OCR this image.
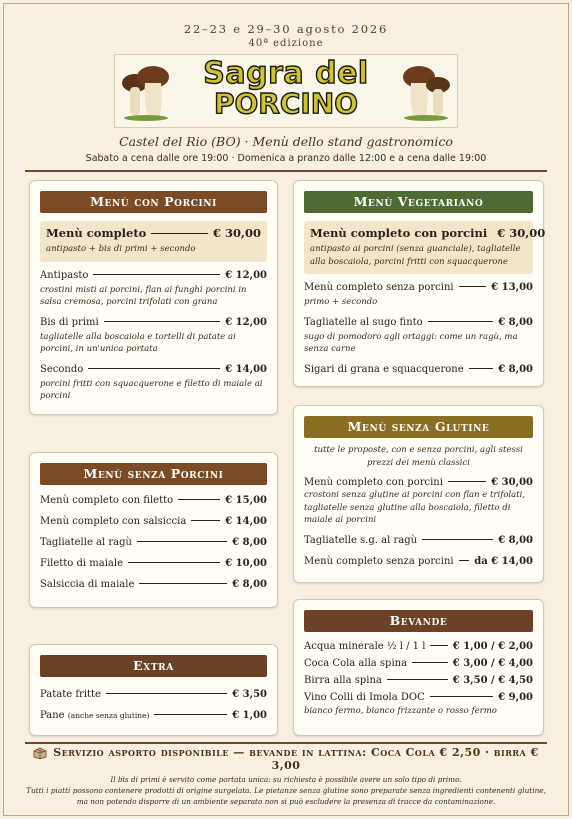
22–23 e 29–30 agosto 2026
40ª edizione
Sagra del
PORCINO
Castel del Rio (BO) · Menù dello stand gastronomico
Sabato a cena dalle ore 19:00 · Domenica a pranzo dalle 12:00 e a cena dalle 19:00
Menù con Porcini
Menù completo	€ 30,00
antipasto + bis di primi + secondo
Antipasto	€ 12,00
crostini misti ai porcini, flan ai funghi porcini in salsa cremosa, porcini trifolati con grana
Bis di primi	€ 12,00
tagliatelle alla boscaiola e tortelli di patate ai porcini, in un'unica portata
Secondo	€ 14,00
porcini fritti con squacquerone e filetto di maiale ai porcini
Menù senza Porcini
Menù completo con filetto	€ 15,00
Menù completo con salsiccia	€ 14,00
Tagliatelle al ragù	€ 8,00
Filetto di maiale	€ 10,00
Salsiccia di maiale	€ 8,00
Extra
Patate fritte	€ 3,50
Pane (anche senza glutine)	€ 1,00
Menù Vegetariano
Menù completo con porcini € 30,00
antipasto ai porcini (senza guanciale), tagliatelle alla boscaiola, porcini fritti con squacquerone
Menù completo senza porcini	€ 13,00
primo + secondo
Tagliatelle al sugo finto	€ 8,00
sugo di pomodoro agli ortaggi: come un ragù, ma senza carne
Sigari di grana e squacquerone	€ 8,00
Menù senza Glutine
tutte le proposte, con e senza porcini, agli stessi prezzi dei menù classici
Menù completo con porcini	€ 30,00
crostoni senza glutine ai porcini con flan e trifolati, tagliatelle senza glutine alla boscaiola, filetto di maiale ai porcini
Tagliatelle s.g. al ragù	€ 8,00
Menù completo senza porcini da € 14,00
Bevande
Acqua minerale ½ l / 1 l	€ 1,00 / € 2,00
Coca Cola alla spina	€ 3,00 / € 4,00
Birra alla spina	€ 3,50 / € 4,50
Vino Colli di Imola DOC	€ 9,00
bianco fermo, bianco frizzante o rosso fermo
Servizio asporto disponibile — bevande in lattina: Coca Cola € 2,50 · birra € 3,00
Il bis di primi è servito come portata unica: su richiesta è possibile avere un solo tipo di primo.
Tutti i piatti possono contenere prodotti di origine surgelata. Le pietanze senza glutine sono preparate senza ingredienti contenenti glutine, ma non potendo disporre di un ambiente separato non si può escludere la presenza di tracce da contaminazione.
